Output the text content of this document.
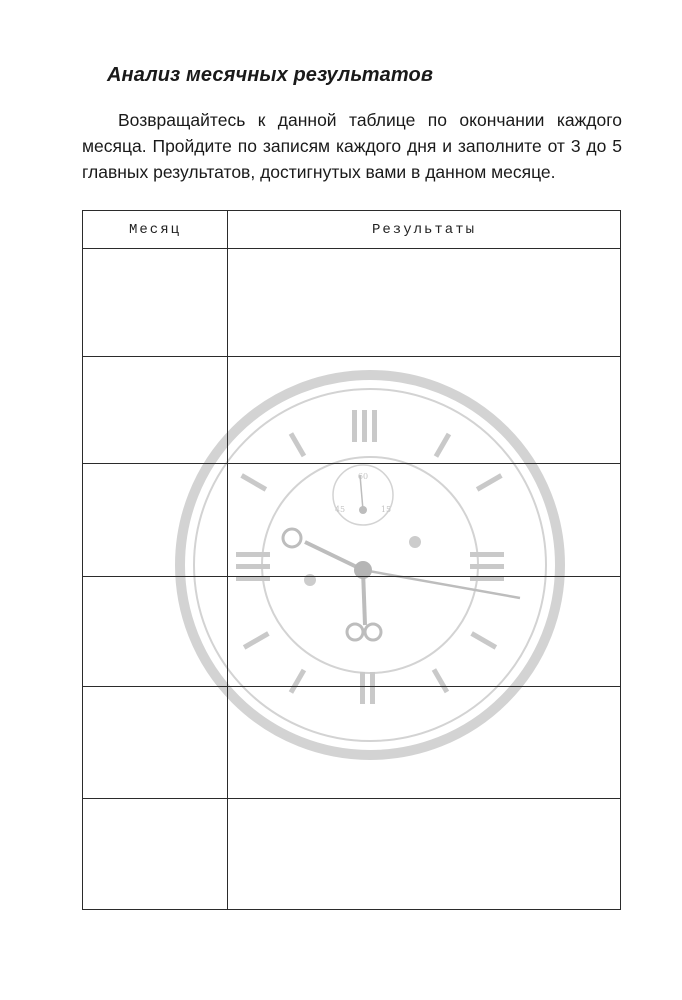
Анализ месячных результатов

Возвращайтесь к данной таблице по окончании каждого месяца. Пройдите по записям каждого дня и заполните от 3 до 5 главных результатов, достигнутых вами в данном месяце.

60
15
45
Месяц	Результаты
